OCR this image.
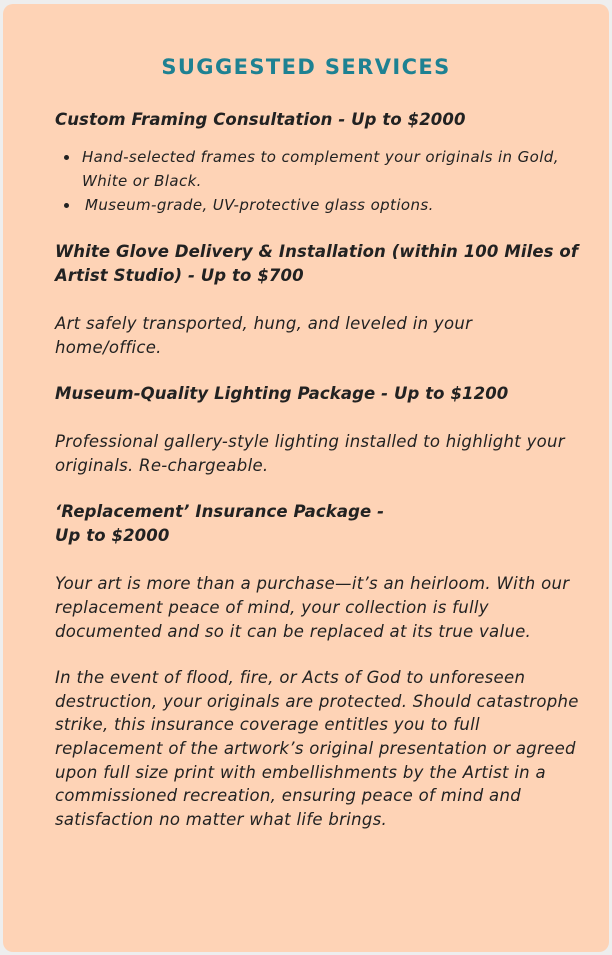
SUGGESTED SERVICES

Custom Framing Consultation - Up to $2000

Hand-selected frames to complement your originals in Gold, White or Black.
Museum-grade, UV-protective glass options.

White Glove Delivery & Installation (within 100 Miles of Artist Studio) - Up to $700

Art safely transported, hung, and leveled in your home/office.

Museum-Quality Lighting Package - Up to $1200

Professional gallery-style lighting installed to highlight your originals. Re-chargeable.

‘Replacement’ Insurance Package -
Up to $2000

Your art is more than a purchase—it’s an heirloom. With our replacement peace of mind, your collection is fully documented and so it can be replaced at its true value.

In the event of flood, fire, or Acts of God to unforeseen destruction, your originals are protected. Should catastrophe strike, this insurance coverage entitles you to full replacement of the artwork’s original presentation or agreed upon full size print with embellishments by the Artist in a commissioned recreation, ensuring peace of mind and satisfaction no matter what life brings.
